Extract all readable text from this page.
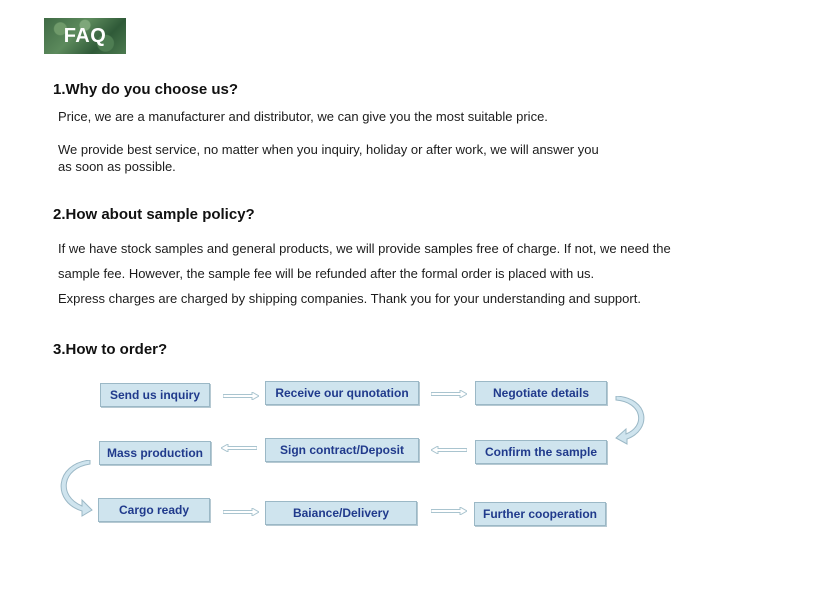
FAQ
1.Why do you choose us?
Price, we are a manufacturer and distributor, we can give you the most suitable price.
We provide best service, no matter when you inquiry, holiday or after work, we will answer you
as soon as possible.
2.How about sample policy?
If we have stock samples and general products, we will provide samples free of charge. If not, we need the
sample fee. However, the sample fee will be refunded after the formal order is placed with us.
Express charges are charged by shipping companies. Thank you for your understanding and support.
3.How to order?
Send us inquiry	Receive our qunotation	Negotiate details
Mass production	Sign contract/Deposit	Confirm the sample
Cargo ready	Baiance/Delivery	Further cooperation
